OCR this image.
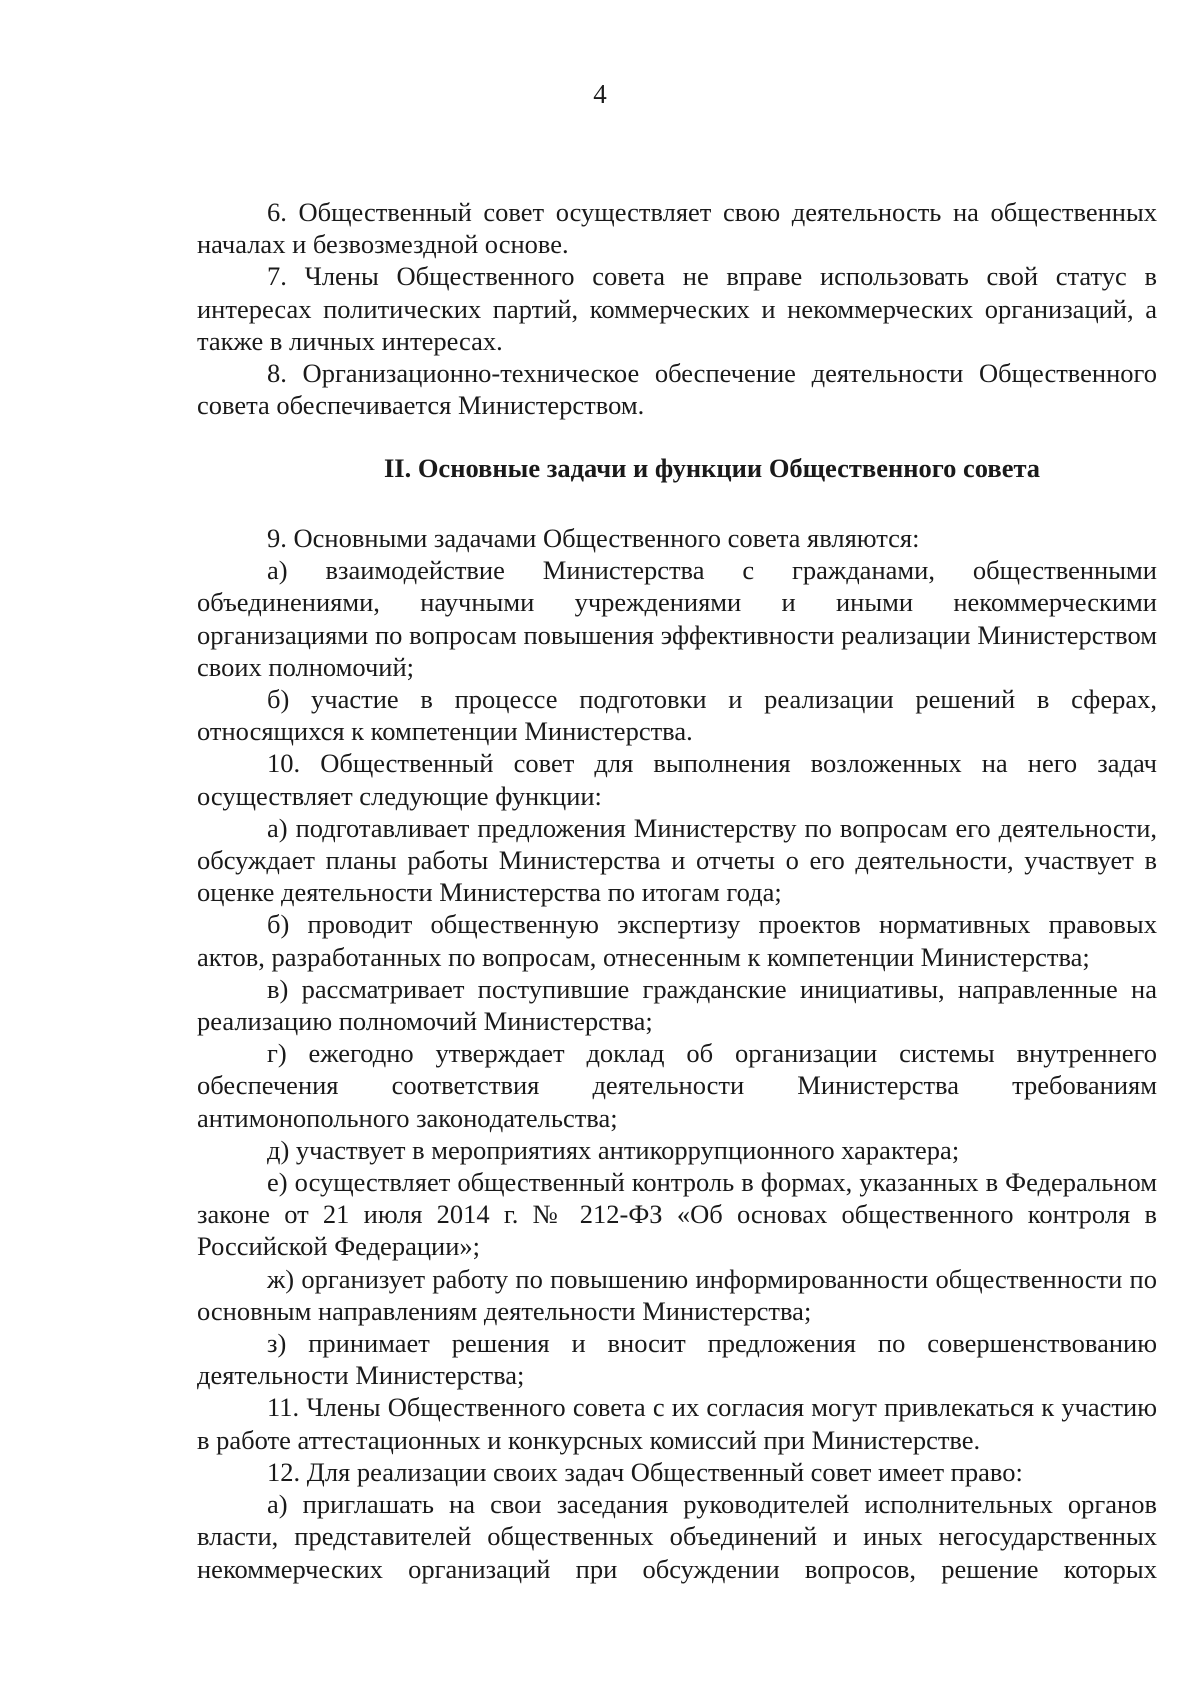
4

6. Общественный совет осуществляет свою деятельность на общественных началах и безвозмездной основе.

7. Члены Общественного совета не вправе использовать свой статус в интересах политических партий, коммерческих и некоммерческих организаций, а также в личных интересах.

8. Организационно-техническое обеспечение деятельности Общественного совета обеспечивается Министерством.

II. Основные задачи и функции Общественного совета

9. Основными задачами Общественного совета являются:

а) взаимодействие Министерства с гражданами, общественными объединениями, научными учреждениями и иными некоммерческими организациями по вопросам повышения эффективности реализации Министерством своих полномочий;

б) участие в процессе подготовки и реализации решений в сферах, относящихся к компетенции Министерства.

10. Общественный совет для выполнения возложенных на него задач осуществляет следующие функции:

а) подготавливает предложения Министерству по вопросам его деятельности, обсуждает планы работы Министерства и отчеты о его деятельности, участвует в оценке деятельности Министерства по итогам года;

б) проводит общественную экспертизу проектов нормативных правовых актов, разработанных по вопросам, отнесенным к компетенции Министерства;

в) рассматривает поступившие гражданские инициативы, направленные на реализацию полномочий Министерства;

г) ежегодно утверждает доклад об организации системы внутреннего обеспечения соответствия деятельности Министерства требованиям антимонопольного законодательства;

д) участвует в мероприятиях антикоррупционного характера;

е) осуществляет общественный контроль в формах, указанных в Федеральном законе от 21 июля 2014 г. № 212-ФЗ «Об основах общественного контроля в Российской Федерации»;

ж) организует работу по повышению информированности общественности по основным направлениям деятельности Министерства;

з) принимает решения и вносит предложения по совершенствованию деятельности Министерства;

11. Члены Общественного совета с их согласия могут привлекаться к участию в работе аттестационных и конкурсных комиссий при Министерстве.

12. Для реализации своих задач Общественный совет имеет право:

а) приглашать на свои заседания руководителей исполнительных органов власти, представителей общественных объединений и иных негосударственных некоммерческих организаций при обсуждении вопросов, решение которых
